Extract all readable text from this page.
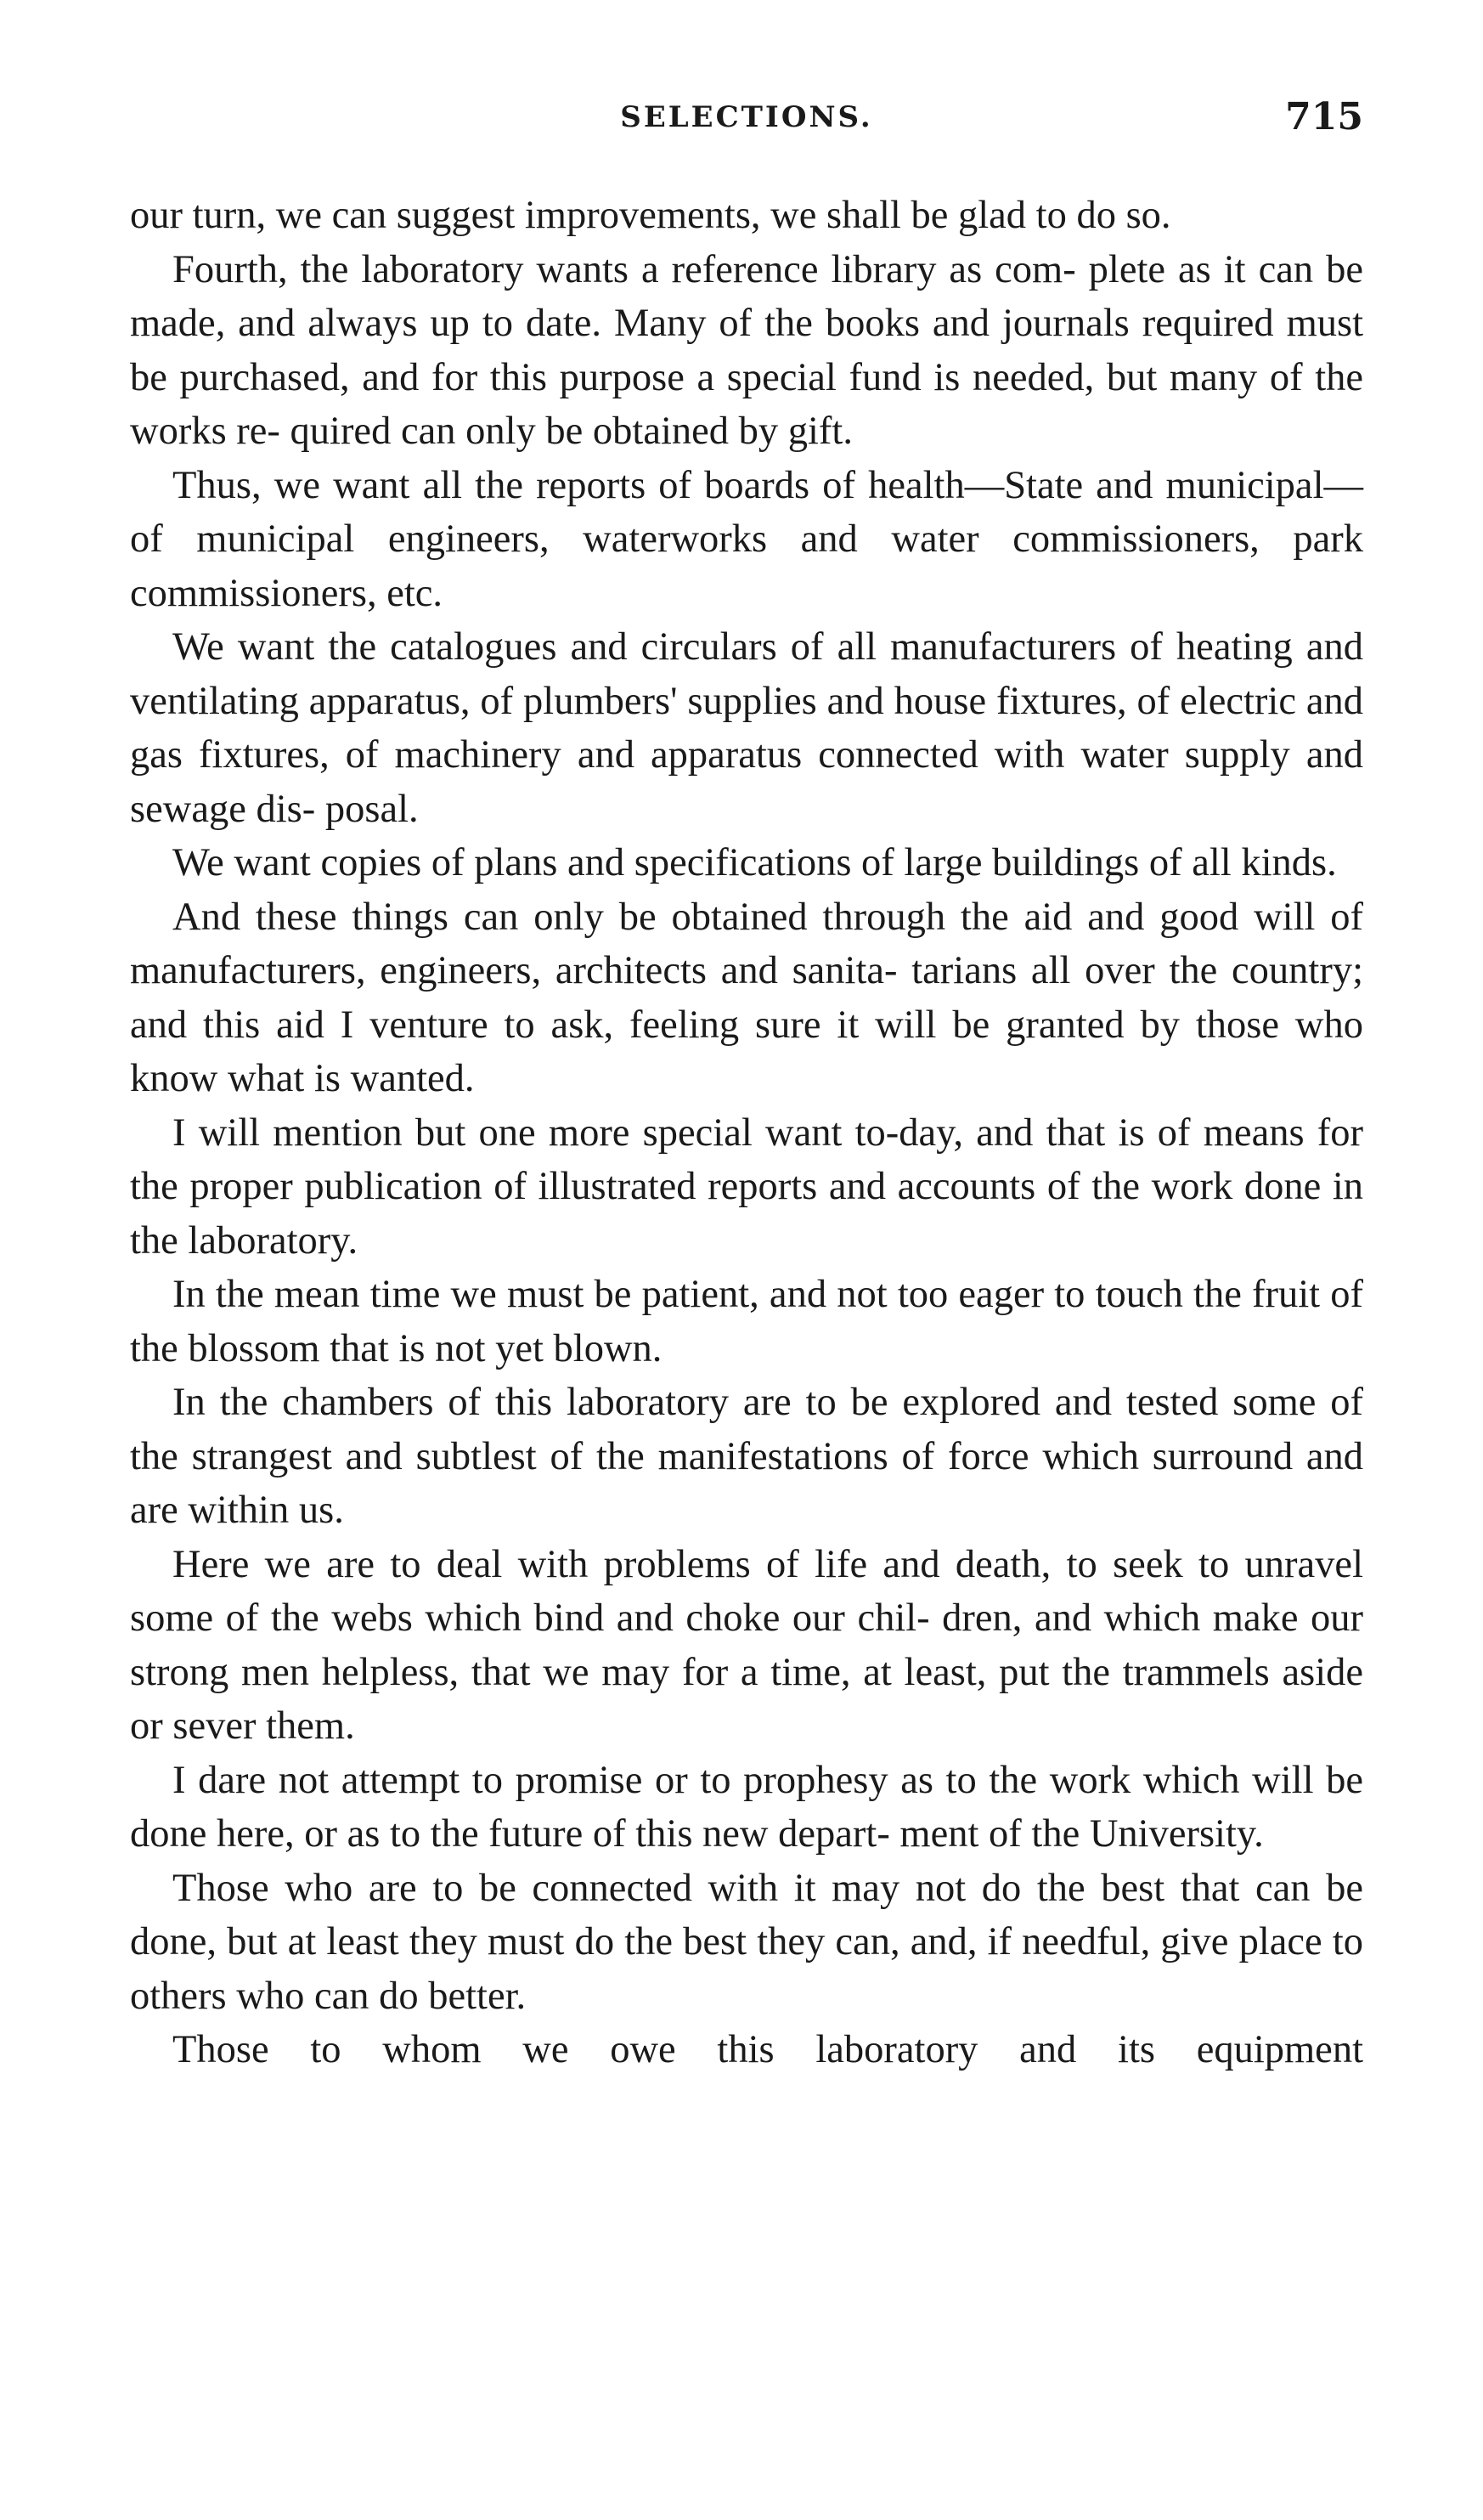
SELECTIONS.	715

our turn, we can suggest improvements, we shall be glad to do so.

Fourth, the laboratory wants a reference library as com- plete as it can be made, and always up to date. Many of the books and journals required must be purchased, and for this purpose a special fund is needed, but many of the works re- quired can only be obtained by gift.

Thus, we want all the reports of boards of health—State and municipal—of municipal engineers, waterworks and water commissioners, park commissioners, etc.

We want the catalogues and circulars of all manufacturers of heating and ventilating apparatus, of plumbers' supplies and house fixtures, of electric and gas fixtures, of machinery and apparatus connected with water supply and sewage dis- posal.

We want copies of plans and specifications of large buildings of all kinds.

And these things can only be obtained through the aid and good will of manufacturers, engineers, architects and sanita- tarians all over the country; and this aid I venture to ask, feeling sure it will be granted by those who know what is wanted.

I will mention but one more special want to-day, and that is of means for the proper publication of illustrated reports and accounts of the work done in the laboratory.

In the mean time we must be patient, and not too eager to touch the fruit of the blossom that is not yet blown.

In the chambers of this laboratory are to be explored and tested some of the strangest and subtlest of the manifestations of force which surround and are within us.

Here we are to deal with problems of life and death, to seek to unravel some of the webs which bind and choke our chil- dren, and which make our strong men helpless, that we may for a time, at least, put the trammels aside or sever them.

I dare not attempt to promise or to prophesy as to the work which will be done here, or as to the future of this new depart- ment of the University.

Those who are to be connected with it may not do the best that can be done, but at least they must do the best they can, and, if needful, give place to others who can do better.

Those to whom we owe this laboratory and its equipment
